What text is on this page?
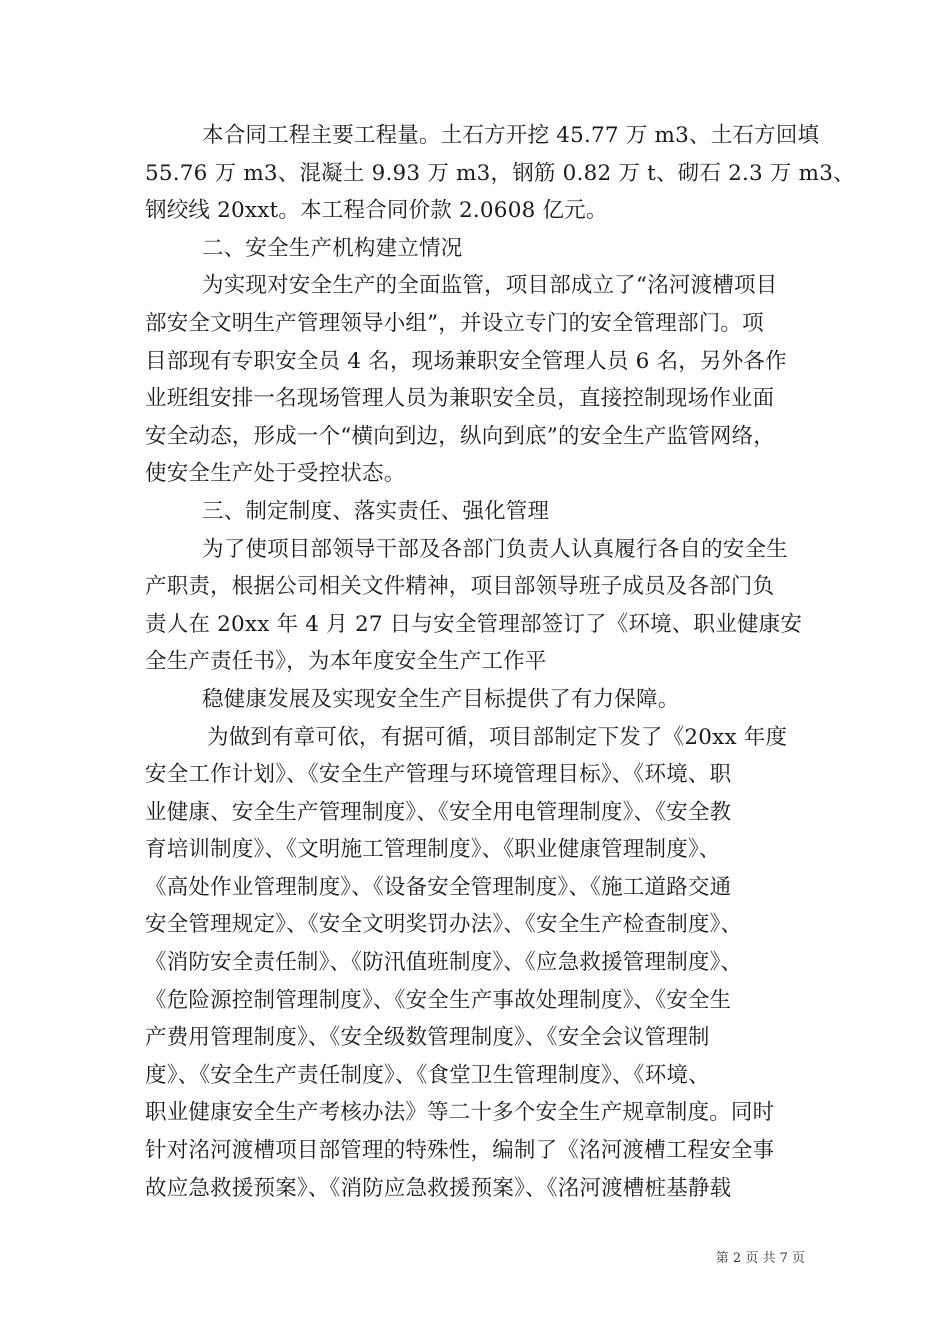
本合同工程主要工程量。土石方开挖 45.77 万 m3、土石方回填
55.76 万 m3、混凝土 9.93 万 m3，钢筋 0.82 万 t、砌石 2.3 万 m3、
钢绞线 20xxt。本工程合同价款 2.0608 亿元。
二、安全生产机构建立情况
为实现对安全生产的全面监管，项目部成立了“洺河渡槽项目
部安全文明生产管理领导小组”，并设立专门的安全管理部门。项
目部现有专职安全员 4 名，现场兼职安全管理人员 6 名，另外各作
业班组安排一名现场管理人员为兼职安全员，直接控制现场作业面
安全动态，形成一个“横向到边，纵向到底”的安全生产监管网络，
使安全生产处于受控状态。
三、制定制度、落实责任、强化管理
为了使项目部领导干部及各部门负责人认真履行各自的安全生
产职责，根据公司相关文件精神，项目部领导班子成员及各部门负
责人在 20xx 年 4 月 27 日与安全管理部签订了《环境、职业健康安
全生产责任书》，为本年度安全生产工作平
稳健康发展及实现安全生产目标提供了有力保障。
为做到有章可依，有据可循，项目部制定下发了《20xx 年度
安全工作计划》、《安全生产管理与环境管理目标》、《环境、职
业健康、安全生产管理制度》、《安全用电管理制度》、《安全教
育培训制度》、《文明施工管理制度》、《职业健康管理制度》、
《高处作业管理制度》、《设备安全管理制度》、《施工道路交通
安全管理规定》、《安全文明奖罚办法》、《安全生产检查制度》、
《消防安全责任制》、《防汛值班制度》、《应急救援管理制度》、
《危险源控制管理制度》、《安全生产事故处理制度》、《安全生
产费用管理制度》、《安全级数管理制度》、《安全会议管理制
度》、《安全生产责任制度》、《食堂卫生管理制度》、《环境、
职业健康安全生产考核办法》等二十多个安全生产规章制度。同时
针对洺河渡槽项目部管理的特殊性，编制了《洺河渡槽工程安全事
故应急救援预案》、《消防应急救援预案》、《洺河渡槽桩基静载
第 2 页 共 7 页
